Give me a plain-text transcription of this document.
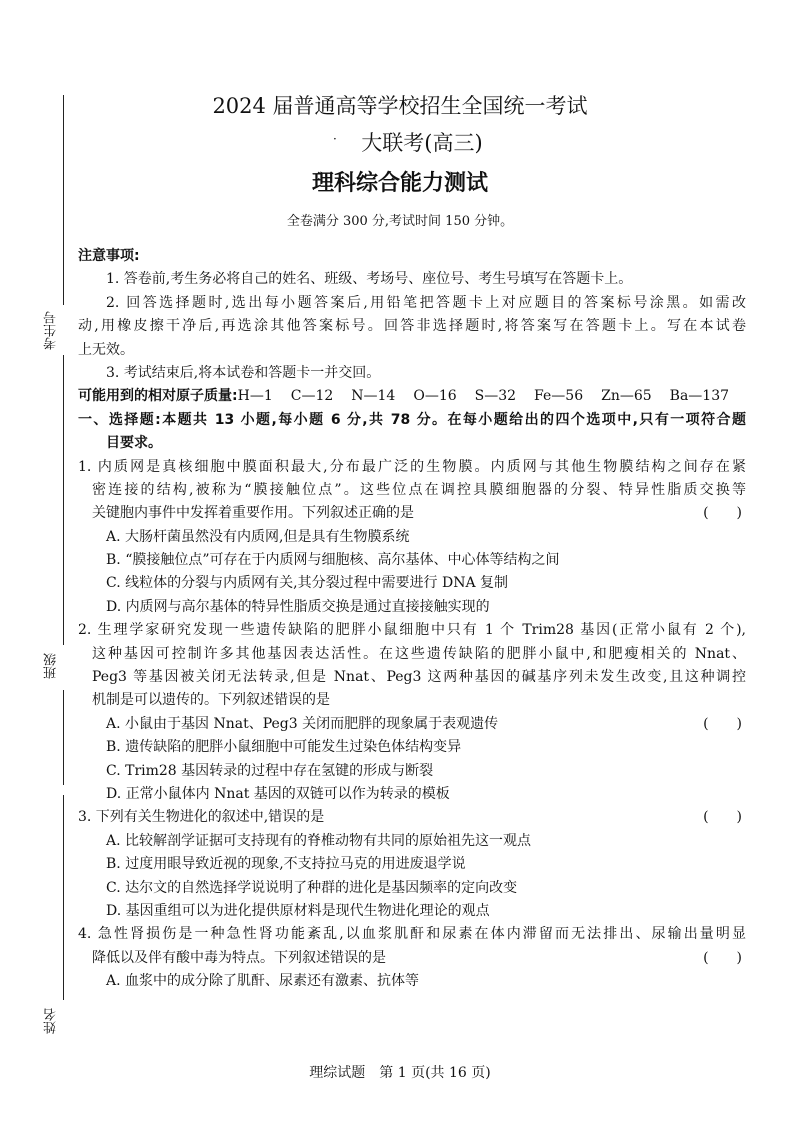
考生号
班级
姓名
2024 届普通高等学校招生全国统一考试
·	大联考(高三)
理科综合能力测试
全卷满分 300 分,考试时间 150 分钟。
注意事项:
1. 答卷前,考生务必将自己的姓名、班级、考场号、座位号、考生号填写在答题卡上。
2. 回答选择题时,选出每小题答案后,用铅笔把答题卡上对应题目的答案标号涂黑。如需改
动,用橡皮擦干净后,再选涂其他答案标号。回答非选择题时,将答案写在答题卡上。写在本试卷
上无效。
3. 考试结束后,将本试卷和答题卡一并交回。
可能用到的相对原子质量:H—1 C—12 N—14 O—16 S—32 Fe—56 Zn—65 Ba—137
一、选择题:本题共 13 小题,每小题 6 分,共 78 分。在每小题给出的四个选项中,只有一项符合题
目要求。
1. 内质网是真核细胞中膜面积最大,分布最广泛的生物膜。内质网与其他生物膜结构之间存在紧
密连接的结构,被称为“膜接触位点”。这些位点在调控具膜细胞器的分裂、特异性脂质交换等
关键胞内事件中发挥着重要作用。下列叙述正确的是	(　　)
A. 大肠杆菌虽然没有内质网,但是具有生物膜系统
B. “膜接触位点”可存在于内质网与细胞核、高尔基体、中心体等结构之间
C. 线粒体的分裂与内质网有关,其分裂过程中需要进行 DNA 复制
D. 内质网与高尔基体的特异性脂质交换是通过直接接触实现的
2. 生理学家研究发现一些遗传缺陷的肥胖小鼠细胞中只有 1 个 Trim28 基因(正常小鼠有 2 个),
这种基因可控制许多其他基因表达活性。在这些遗传缺陷的肥胖小鼠中,和肥瘦相关的 Nnat、
Peg3 等基因被关闭无法转录,但是 Nnat、Peg3 这两种基因的碱基序列未发生改变,且这种调控
机制是可以遗传的。下列叙述错误的是
A. 小鼠由于基因 Nnat、Peg3 关闭而肥胖的现象属于表观遗传	(　　)
B. 遗传缺陷的肥胖小鼠细胞中可能发生过染色体结构变异
C. Trim28 基因转录的过程中存在氢键的形成与断裂
D. 正常小鼠体内 Nnat 基因的双链可以作为转录的模板
3. 下列有关生物进化的叙述中,错误的是	(　　)
A. 比较解剖学证据可支持现有的脊椎动物有共同的原始祖先这一观点
B. 过度用眼导致近视的现象,不支持拉马克的用进废退学说
C. 达尔文的自然选择学说说明了种群的进化是基因频率的定向改变
D. 基因重组可以为进化提供原材料是现代生物进化理论的观点
4. 急性肾损伤是一种急性肾功能紊乱,以血浆肌酐和尿素在体内滞留而无法排出、尿输出量明显
降低以及伴有酸中毒为特点。下列叙述错误的是	(　　)
A. 血浆中的成分除了肌酐、尿素还有激素、抗体等
理综试题　第 1 页(共 16 页)
